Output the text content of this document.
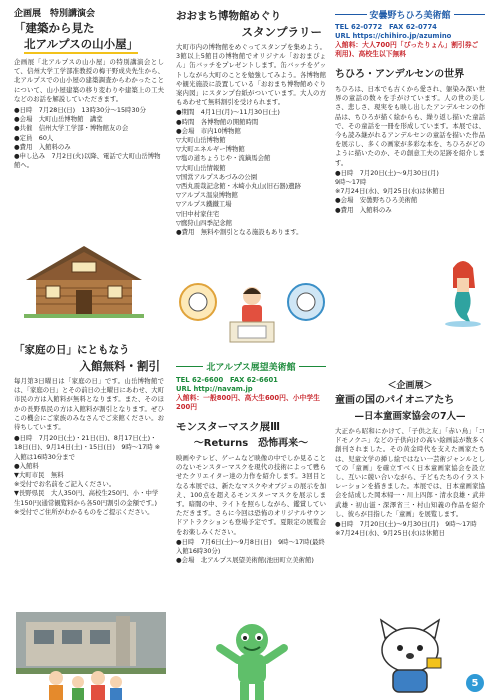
企画展　特別講演会
「建築から見た
北アルプスの山小屋」

企画展「北アルプスの山小屋」の特別講演会として、信州大学工学部准教授の梅干野成央先生から、北アルプスでの山小屋の建築調査からわかったことについて、山小屋建築の移り変わりや建築上の工夫などのお話を解説していただきます。

●日時　7月28日(日)　13時30分〜15時30分
●会場　大町山岳博物館　講堂
●共催　信州大学工学部・博物館友の会
●定員　60人
●費用　入館料のみ
●申し込み　7月2日(火)以降、電話で大町山岳博物館へ。
「家庭の日」にともなう
入館無料・割引

毎月第3日曜日は「家庭の日」です。山岳博物館では、「家庭の日」とその前日の土曜日にあわせ、大町市民の方は入館料が無料となります。また、そのほかの長野県民の方は入館料が割引となります。ぜひこの機会にご家族のみなさんでご来館ください。お待ちしています。

●日時　7月20日(土)・21日(日)、8月17日(土)・18日(日)、9月14日(土)・15日(日)　9時〜17時 ※入館は16時30分まで
●入館料
▼大町市民　無料
※受付でお名前をご記入ください。
▼長野県民　大人350円、高校生250円、小・中学生150円(通常観覧料から各50円割引の金額です。)
※受付でご住所がわかるものをご提示ください。
おおまち博物館めぐり
スタンプラリー

大町市内の博物館をめぐってスタンプを集めよう。3館以上5館目の博物館でオリジナル「おおまぴょん」缶バッチをプレゼントします。缶バッチをゲットしながら大町のことを勉強してみよう。各博物館や観光施設に設置している「おおまち博物館めぐり案内図」にスタンプ台紙がついています。大人の方もあわせて無料割引を受けられます。

●期間　4月1日(月)〜11月30日(土)
●時間　各博物館の開館時間
●会場　市内10博物館
▽大町山岳博物館
▽大町エネルギー博物館
▽塩の道ちょうじや・流鏑馬会館
▽大町山岳情報館
▽国営アルプスあづみの公園
▽西丸震哉記念館・木崎小丸山(旧石器)遺跡
▽アルプス温泉博物館
▽アルプス鐵鐵工場
▽旧中村家住宅
▽鷹狩山四季記念館
●費用　無料や割引となる施設もあります。
北アルプス展望美術館
TEL 62-6600　FAX 62-6601
URL http://navam.jp
入館料：一般800円、高大生600円、小中学生200円
モンスターマスク展Ⅲ
〜Returns　恐怖再来〜

映画やテレビ、ゲームなど映像の中でしか見ることのないモンスターマスクを現代の技術によって甦らせたクリエイター達の力作を紹介します。3回目となる本展では、新たなマスクやオブジェの展示を加え、100点を超えるモンスターマスクを展示します。暗闇の中、ライトを照らしながら、鑑賞していただきます。さらに今回は恐怖のオリジナルサウンドアトラクションも登場予定です。夏限定の展覧会をお楽しみください。

●日時　7月6日(土)〜9月8日(日)　9時〜17時(最終入館16時30分)
●会場　北アルプス展望美術館(池田町立美術館)
安曇野ちひろ美術館
TEL 62-0772　FAX 62-0774
URL https://chihiro.jp/azumino
入館料：大人700円「ぴったりょん」割引券ご利用)、高校生以下無料
ちひろ・アンデルセンの世界

ちひろは、日本でも古くから愛され、躯染み深い世界の童話の数々を手がけています。人の世の美しさ、悲しさ、現実をも映し出したアンデルセンの作品は、ちひろが描く絵からも、繰り返し描いた童話で、その童話を一冊を形成しています。本展では、今も読み継がれるアンデルセンの童話を描いた作品を展示し、多くの画家が多彩な本を、ちひろがどのように描いたのか、その創意工夫の足跡を紹介します。

●日時　7月20日(土)〜9月30日(月)　9時〜17時
※7月24日(水)、9月25日(水)は休館日
●会場　安曇野ちひろ美術館
●費用　入館料のみ
＜企画展＞
童画の国のパイオニアたち
—日本童画家協会の7人—

大正から昭和にかけて、「子供之友」「赤い鳥」「コドモノクニ」などの子供向けの高い絵画誌が数多く創刊されました。その黄金時代を支えた画家たちは、児童文学の挿し絵ではない一芸術ジャンルとしての「童画」を確立すべく日本童画家協会を設立し、互いに競い合いながら、子どもたちのイラストレーションを描きました。本展では、日本童画家協会を結成した岡本帰一・川上四郎・清水良雄・武井武雄・初山滋・深澤省三・村山知義の作品を紹介し、彼らが目指した「童画」を展覧します。

●日時　7月20日(土)〜9月30日(月)　9時〜17時
※7月24日(水)、9月25日(水)は休館日
5
